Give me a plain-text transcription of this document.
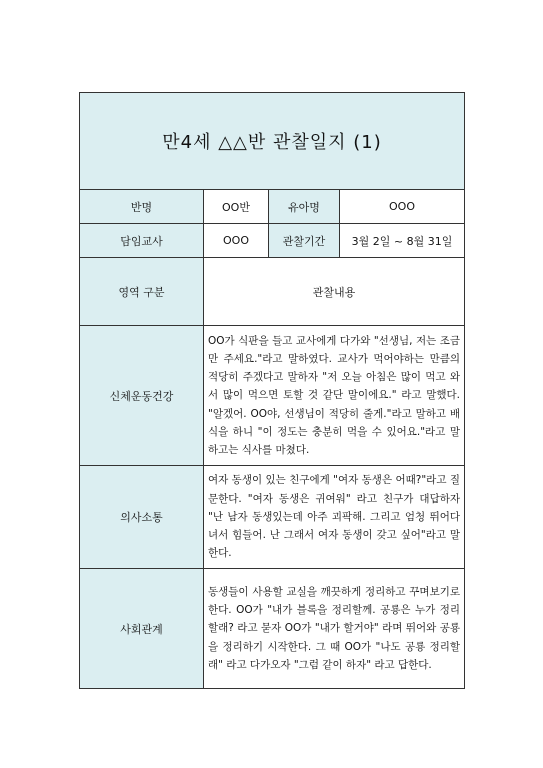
만4세 △△반 관찰일지 (1)			
반명	OO반	유아명	OOO
담임교사	OOO	관찰기간	3월 2일 ~ 8월 31일
영역 구분	관찰내용		
신체운동건강	OO가 식판을 들고 교사에게 다가와 "선생님, 저는 조금만 주세요."라고 말하였다. 교사가 먹어야하는 만큼의 적당히 주겠다고 말하자 "저 오늘 아침은 많이 먹고 와서 많이 먹으면 토할 것 같단 말이에요." 라고 말했다. "알겠어. OO야, 선생님이 적당히 줄게."라고 말하고 배식을 하니 "이 정도는 충분히 먹을 수 있어요."라고 말하고는 식사를 마쳤다.		
의사소통	여자 동생이 있는 친구에게 "여자 동생은 어때?"라고 질문한다. "여자 동생은 귀여워" 라고 친구가 대답하자 "난 남자 동생있는데 아주 괴팍해. 그리고 엄청 뛰어다녀서 힘들어. 난 그래서 여자 동생이 갖고 싶어"라고 말한다.		
사회관계	동생들이 사용할 교실을 깨끗하게 정리하고 꾸며보기로 한다. OO가 "내가 블록을 정리할께. 공룡은 누가 정리할래? 라고 묻자 OO가 "내가 할거야" 라며 뛰어와 공룡을 정리하기 시작한다. 그 때 OO가 "나도 공룡 정리할래" 라고 다가오자 "그럼 같이 하자" 라고 답한다.		
